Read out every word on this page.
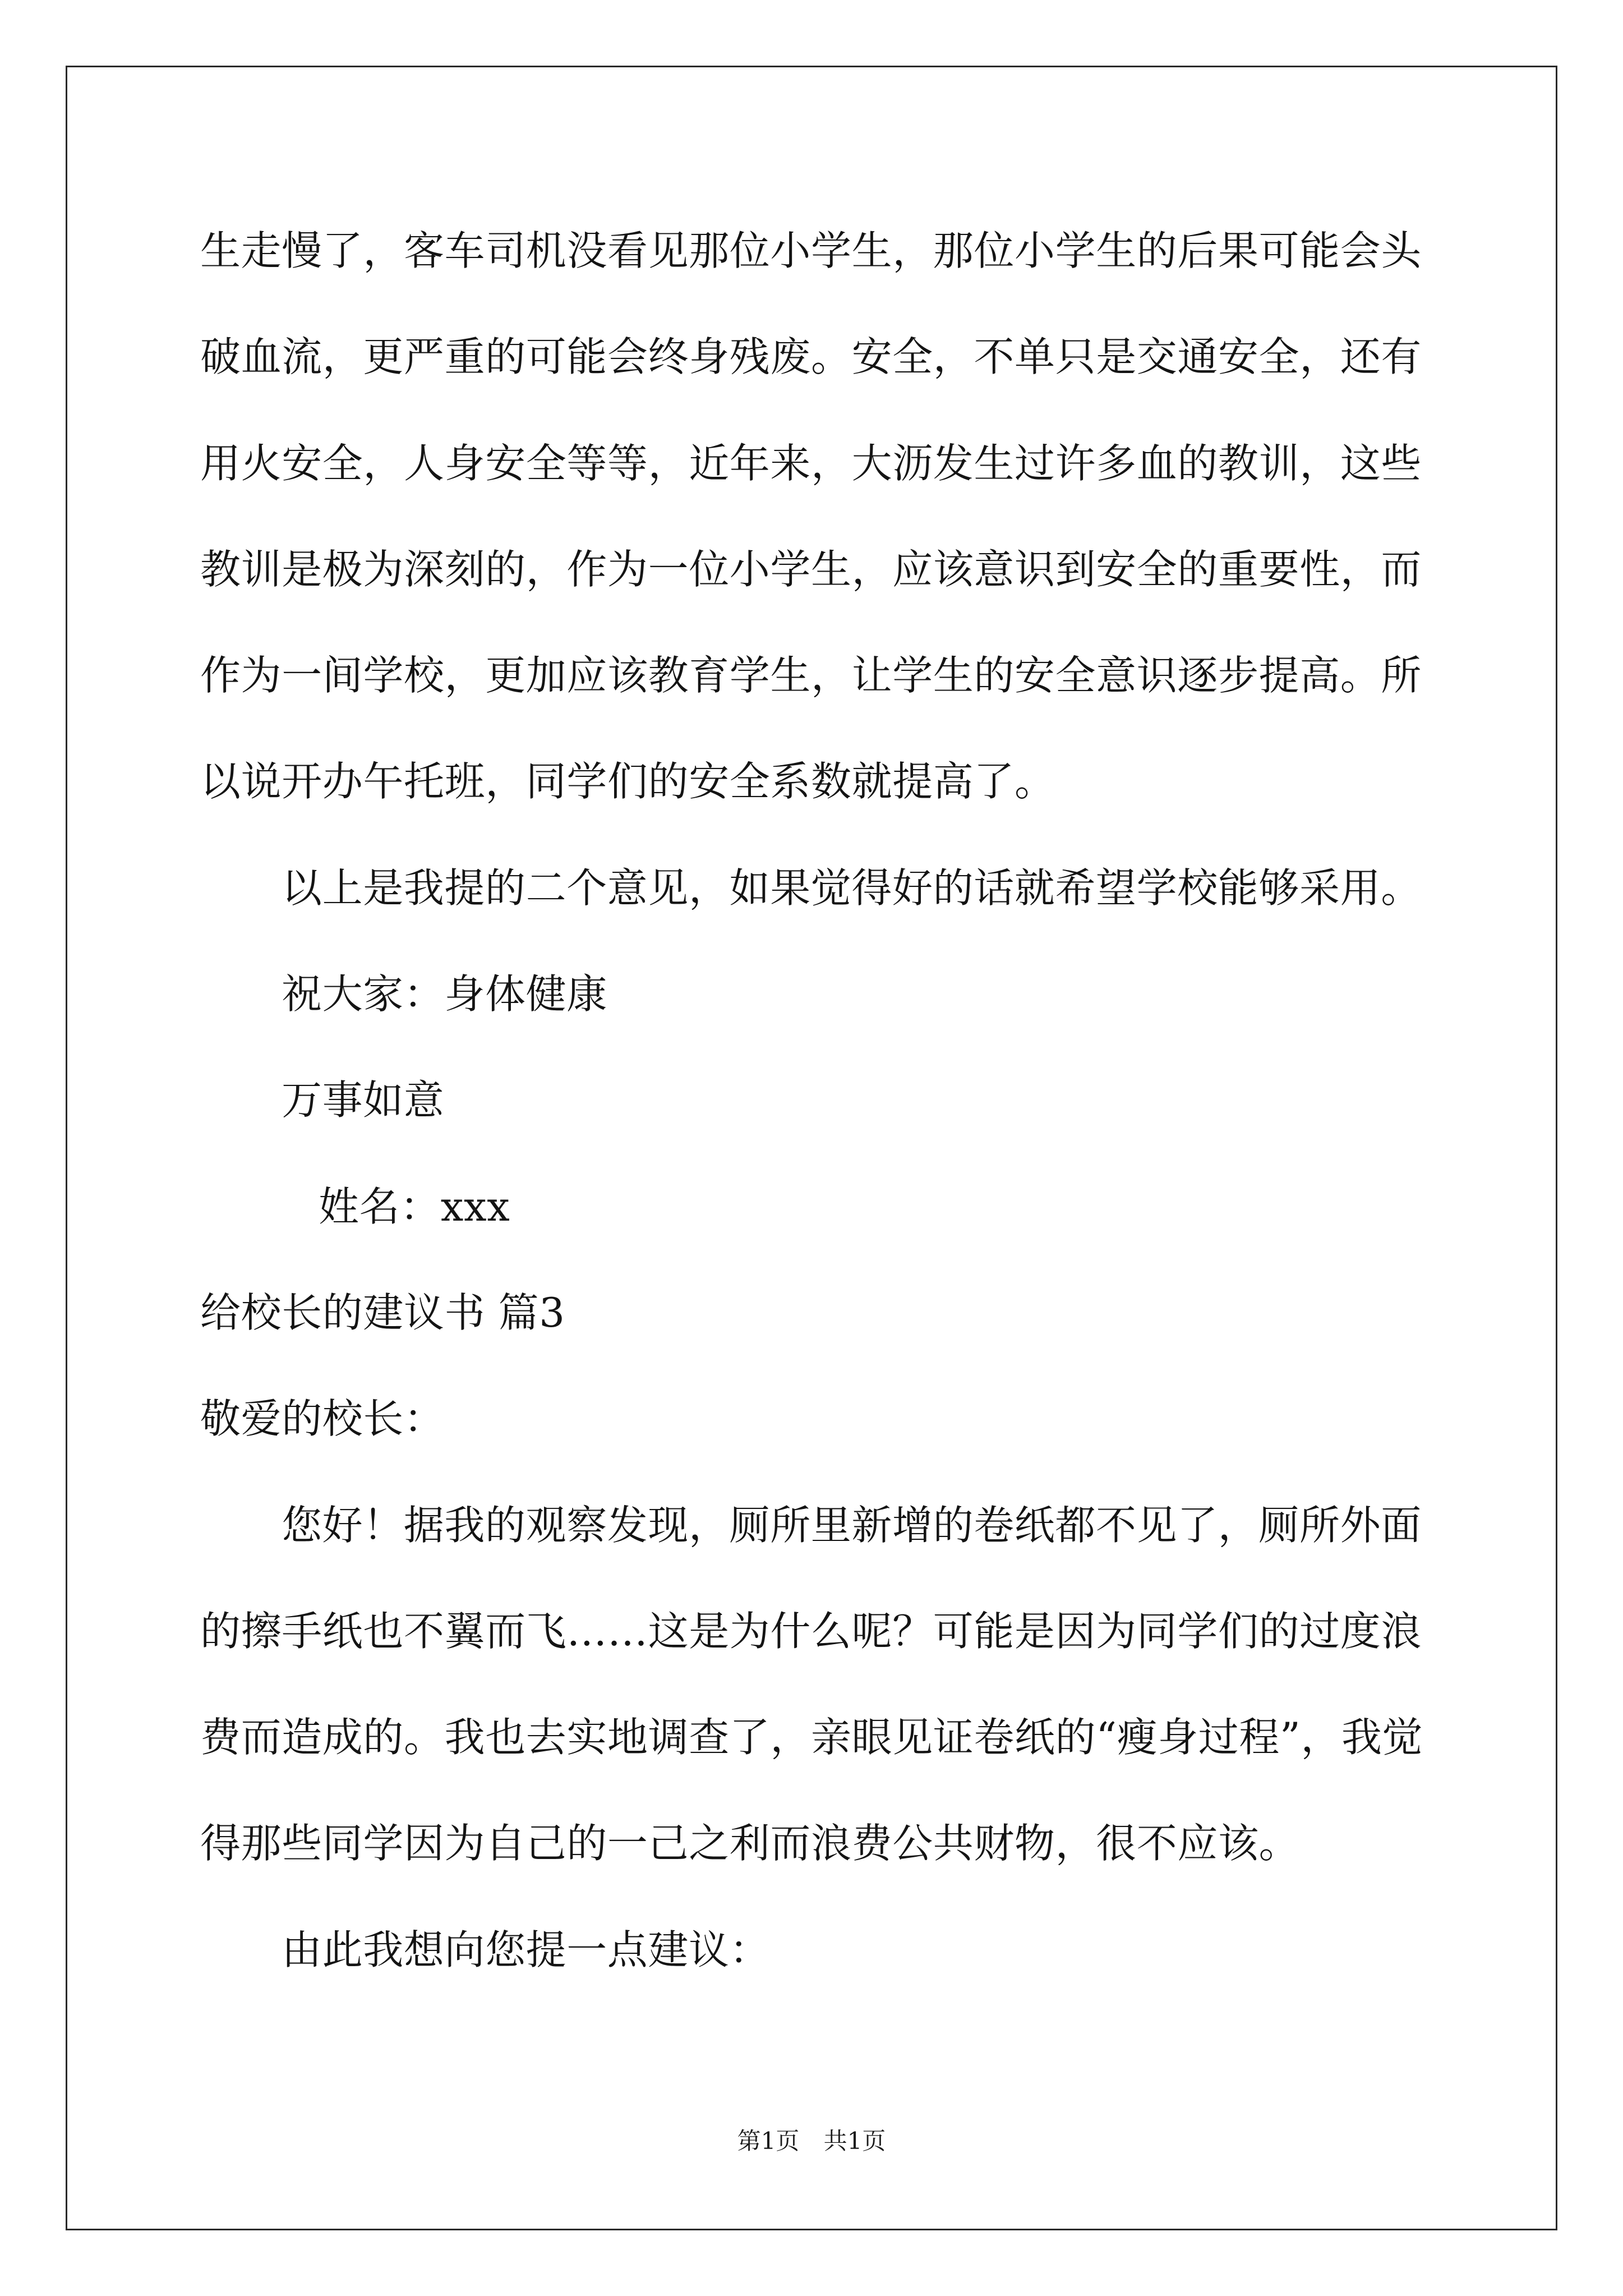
生走慢了，客车司机没看见那位小学生，那位小学生的后果可能会头
破血流，更严重的可能会终身残废。安全，不单只是交通安全，还有
用火安全，人身安全等等，近年来，大沥发生过许多血的教训，这些
教训是极为深刻的，作为一位小学生，应该意识到安全的重要性，而
作为一间学校，更加应该教育学生，让学生的安全意识逐步提高。所
以说开办午托班，同学们的安全系数就提高了。
以上是我提的二个意见，如果觉得好的话就希望学校能够采用。
祝大家：身体健康
万事如意
姓名：xxx
给校长的建议书 篇3
敬爱的校长：
您好！据我的观察发现，厕所里新增的卷纸都不见了，厕所外面
的擦手纸也不翼而飞……这是为什么呢？可能是因为同学们的过度浪
费而造成的。我也去实地调查了，亲眼见证卷纸的“瘦身过程”，我觉
得那些同学因为自己的一己之利而浪费公共财物，很不应该。
由此我想向您提一点建议：
第1页 共1页
